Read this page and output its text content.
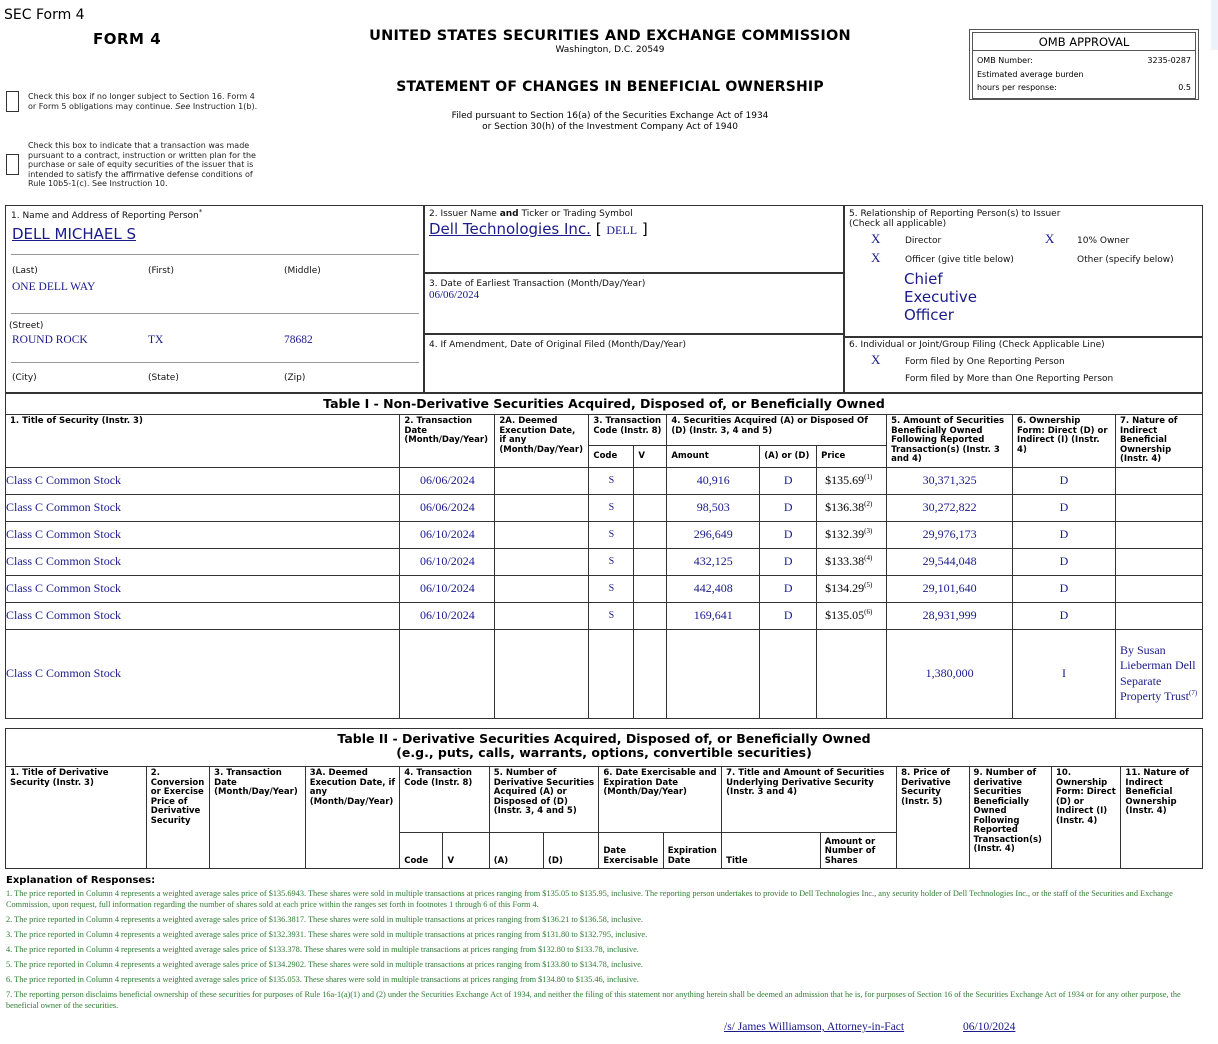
SEC Form 4
FORM 4
Check this box if no longer subject to Section 16. Form 4 or Form 5 obligations may continue. See Instruction 1(b).
Check this box to indicate that a transaction was made pursuant to a contract, instruction or written plan for the purchase or sale of equity securities of the issuer that is intended to satisfy the affirmative defense conditions of Rule 10b5-1(c). See Instruction 10.
UNITED STATES SECURITIES AND EXCHANGE COMMISSION
Washington, D.C. 20549
STATEMENT OF CHANGES IN BENEFICIAL OWNERSHIP
Filed pursuant to Section 16(a) of the Securities Exchange Act of 1934
or Section 30(h) of the Investment Company Act of 1940
OMB APPROVAL
OMB Number:	3235-0287
Estimated average burden
hours per response:	0.5
1. Name and Address of Reporting Person*
DELL MICHAEL S
(Last)	(First)	(Middle)
ONE DELL WAY
(Street)
ROUND ROCK	TX	78682
(City)	(State)	(Zip)
2. Issuer Name and Ticker or Trading Symbol
Dell Technologies Inc. [ DELL ]
3. Date of Earliest Transaction (Month/Day/Year)
06/06/2024
4. If Amendment, Date of Original Filed (Month/Day/Year)
5. Relationship of Reporting Person(s) to Issuer
(Check all applicable)
X	Director	X	10% Owner
X	Officer (give title below)	Other (specify below)
Chief
Executive
Officer
6. Individual or Joint/Group Filing (Check Applicable Line)
X	Form filed by One Reporting Person
Form filed by More than One Reporting Person
Table I - Non-Derivative Securities Acquired, Disposed of, or Beneficially Owned										
1. Title of Security (Instr. 3)	2. Transaction Date (Month/Day/Year)	2A. Deemed Execution Date, if any (Month/Day/Year)	3. Transaction Code (Instr. 8)		4. Securities Acquired (A) or Disposed Of (D) (Instr. 3, 4 and 5)			5. Amount of Securities Beneficially Owned Following Reported Transaction(s) (Instr. 3 and 4)	6. Ownership Form: Direct (D) or Indirect (I) (Instr. 4)	7. Nature of Indirect Beneficial Ownership (Instr. 4)
			Code	V	Amount	(A) or (D)	Price			
Class C Common Stock	06/06/2024		S		40,916	D	$135.69$^{(1)}$	30,371,325	D	
Class C Common Stock	06/06/2024		S		98,503	D	$136.38$^{(2)}$	30,272,822	D	
Class C Common Stock	06/10/2024		S		296,649	D	$132.39$^{(3)}$	29,976,173	D	
Class C Common Stock	06/10/2024		S		432,125	D	$133.38$^{(4)}$	29,544,048	D	
Class C Common Stock	06/10/2024		S		442,408	D	$134.29$^{(5)}$	29,101,640	D	
Class C Common Stock	06/10/2024		S		169,641	D	$135.05$^{(6)}$	28,931,999	D	
Class C Common Stock								1,380,000	I	By Susan Lieberman Dell Separate Property Trust$^{(7)}$
Table II - Derivative Securities Acquired, Disposed of, or Beneficially Owned
(e.g., puts, calls, warrants, options, convertible securities)															

1. Title of Derivative Security (Instr. 3)	2. Conversion or Exercise Price of Derivative Security	3. Transaction Date (Month/Day/Year)	3A. Deemed Execution Date, if any (Month/Day/Year)	4. Transaction Code (Instr. 8)		5. Number of Derivative Securities Acquired (A) or Disposed of (D) (Instr. 3, 4 and 5)		6. Date Exercisable and Expiration Date (Month/Day/Year)		7. Title and Amount of Securities Underlying Derivative Security (Instr. 3 and 4)		8. Price of Derivative Security (Instr. 5)	9. Number of derivative Securities Beneficially Owned Following Reported Transaction(s) (Instr. 4)	10. Ownership Form: Direct (D) or Indirect (I) (Instr. 4)	11. Nature of Indirect Beneficial Ownership (Instr. 4)
				Code	V	(A)	(D)	Date Exercisable	Expiration Date	Title	Amount or Number of Shares				
Explanation of Responses:
1. The price reported in Column 4 represents a weighted average sales price of $135.6943. These shares were sold in multiple transactions at prices ranging from $135.05 to $135.95, inclusive. The reporting person undertakes to provide to Dell Technologies Inc., any security holder of Dell Technologies Inc., or the staff of the Securities and Exchange Commission, upon request, full information regarding the number of shares sold at each price within the ranges set forth in footnotes 1 through 6 of this Form 4.
2. The price reported in Column 4 represents a weighted average sales price of $136.3817. These shares were sold in multiple transactions at prices ranging from $136.21 to $136.58, inclusive.
3. The price reported in Column 4 represents a weighted average sales price of $132.3931. These shares were sold in multiple transactions at prices ranging from $131.80 to $132.795, inclusive.
4. The price reported in Column 4 represents a weighted average sales price of $133.378. These shares were sold in multiple transactions at prices ranging from $132.80 to $133.78, inclusive.
5. The price reported in Column 4 represents a weighted average sales price of $134.2902. These shares were sold in multiple transactions at prices ranging from $133.80 to $134.78, inclusive.
6. The price reported in Column 4 represents a weighted average sales price of $135.053. These shares were sold in multiple transactions at prices ranging from $134.80 to $135.46, inclusive.
7. The reporting person disclaims beneficial ownership of these securities for purposes of Rule 16a-1(a)(1) and (2) under the Securities Exchange Act of 1934, and neither the filing of this statement nor anything herein shall be deemed an admission that he is, for purposes of Section 16 of the Securities Exchange Act of 1934 or for any other purpose, the beneficial owner of the securities.
/s/ James Williamson, Attorney-in-Fact	06/10/2024
